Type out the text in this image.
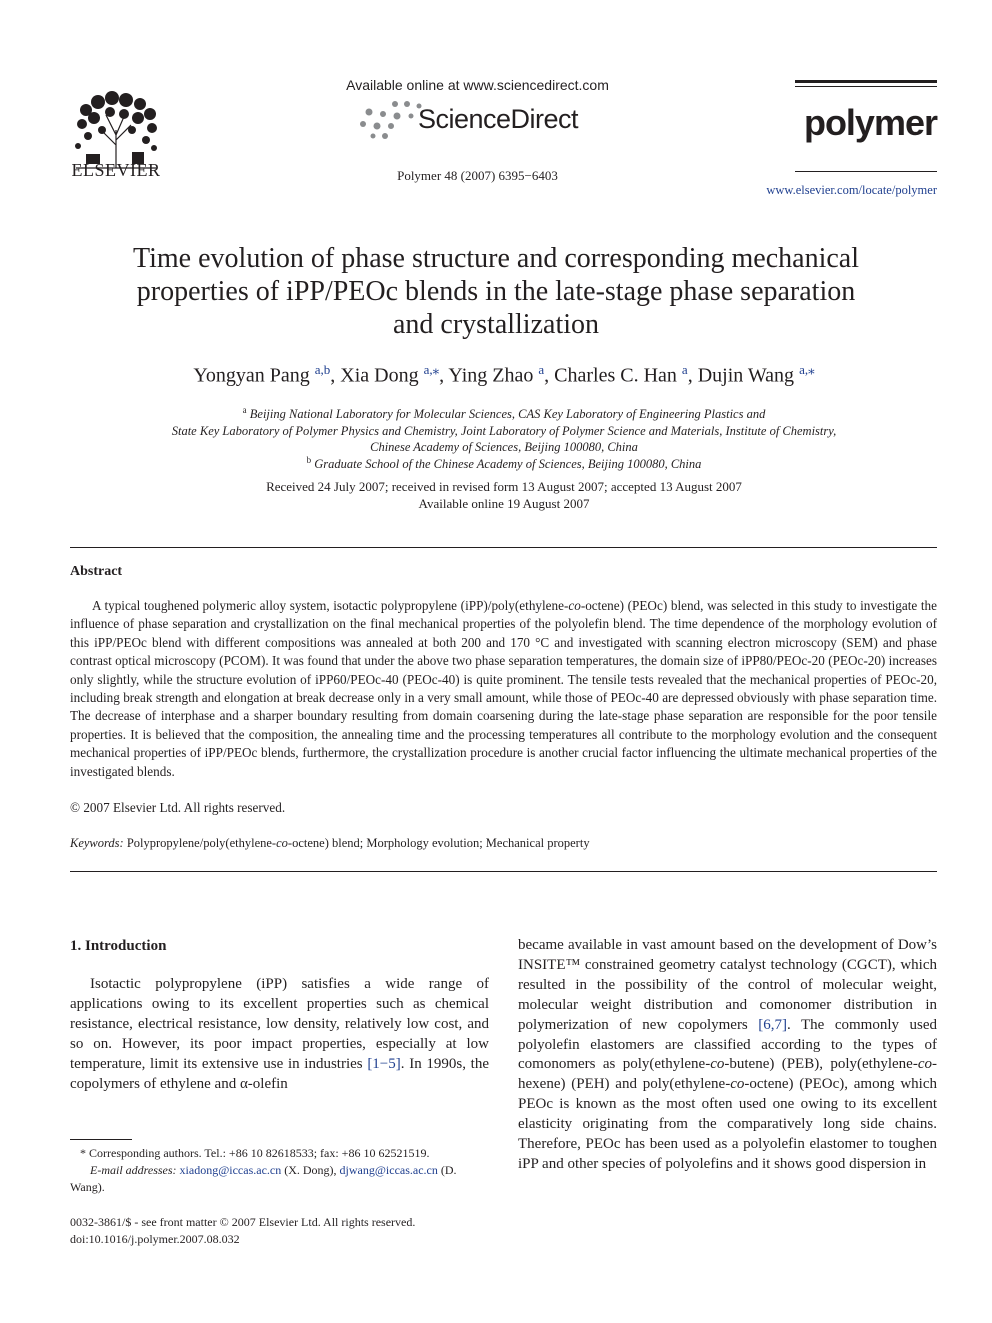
ELSEVIER
Available online at www.sciencedirect.com
ScienceDirect
Polymer 48 (2007) 6395−6403
polymer
www.elsevier.com/locate/polymer
Time evolution of phase structure and corresponding mechanical
properties of iPP/PEOc blends in the late-stage phase separation
and crystallization
Yongyan Pang $^{a,b}$, Xia Dong $^{a,⁎}$, Ying Zhao $^a$, Charles C. Han $^a$, Dujin Wang $^{a,⁎}$
$^a$ Beijing National Laboratory for Molecular Sciences, CAS Key Laboratory of Engineering Plastics and
State Key Laboratory of Polymer Physics and Chemistry, Joint Laboratory of Polymer Science and Materials, Institute of Chemistry,
Chinese Academy of Sciences, Beijing 100080, China
$^b$ Graduate School of the Chinese Academy of Sciences, Beijing 100080, China
Received 24 July 2007; received in revised form 13 August 2007; accepted 13 August 2007
Available online 19 August 2007
Abstract
A typical toughened polymeric alloy system, isotactic polypropylene (iPP)/poly(ethylene-co-octene) (PEOc) blend, was selected in this study to investigate the influence of phase separation and crystallization on the final mechanical properties of the polyolefin blend. The time dependence of the morphology evolution of this iPP/PEOc blend with different compositions was annealed at both 200 and 170 °C and investigated with scanning electron microscopy (SEM) and phase contrast optical microscopy (PCOM). It was found that under the above two phase separation temperatures, the domain size of iPP80/PEOc-20 (PEOc-20) increases only slightly, while the structure evolution of iPP60/PEOc-40 (PEOc-40) is quite prominent. The tensile tests revealed that the mechanical properties of PEOc-20, including break strength and elongation at break decrease only in a very small amount, while those of PEOc-40 are depressed obviously with phase separation time. The decrease of interphase and a sharper boundary resulting from domain coarsening during the late-stage phase separation are responsible for the poor tensile properties. It is believed that the composition, the annealing time and the processing temperatures all contribute to the morphology evolution and the consequent mechanical properties of iPP/PEOc blends, furthermore, the crystallization procedure is another crucial factor influencing the ultimate mechanical properties of the investigated blends.
© 2007 Elsevier Ltd. All rights reserved.
Keywords: Polypropylene/poly(ethylene-co-octene) blend; Morphology evolution; Mechanical property
1. Introduction
Isotactic polypropylene (iPP) satisfies a wide range of applications owing to its excellent properties such as chemical resistance, electrical resistance, low density, relatively low cost, and so on. However, its poor impact properties, especially at low temperature, limit its extensive use in industries [1−5]. In 1990s, the copolymers of ethylene and α-olefin
became available in vast amount based on the development of Dow’s INSITE™ constrained geometry catalyst technology (CGCT), which resulted in the possibility of the control of molecular weight, molecular weight distribution and comonomer distribution in polymerization of new copolymers [6,7]. The commonly used polyolefin elastomers are classified according to the types of comonomers as poly(ethylene-co-butene) (PEB), poly(ethylene-co-hexene) (PEH) and poly(ethylene-co-octene) (PEOc), among which PEOc is known as the most often used one owing to its excellent elasticity originating from the comparatively long side chains. Therefore, PEOc has been used as a polyolefin elastomer to toughen iPP and other species of polyolefins and it shows good dispersion in
* Corresponding authors. Tel.: +86 10 82618533; fax: +86 10 62521519.
E-mail addresses: xiadong@iccas.ac.cn (X. Dong), djwang@iccas.ac.cn (D. Wang).
0032-3861/$ - see front matter © 2007 Elsevier Ltd. All rights reserved.
doi:10.1016/j.polymer.2007.08.032
